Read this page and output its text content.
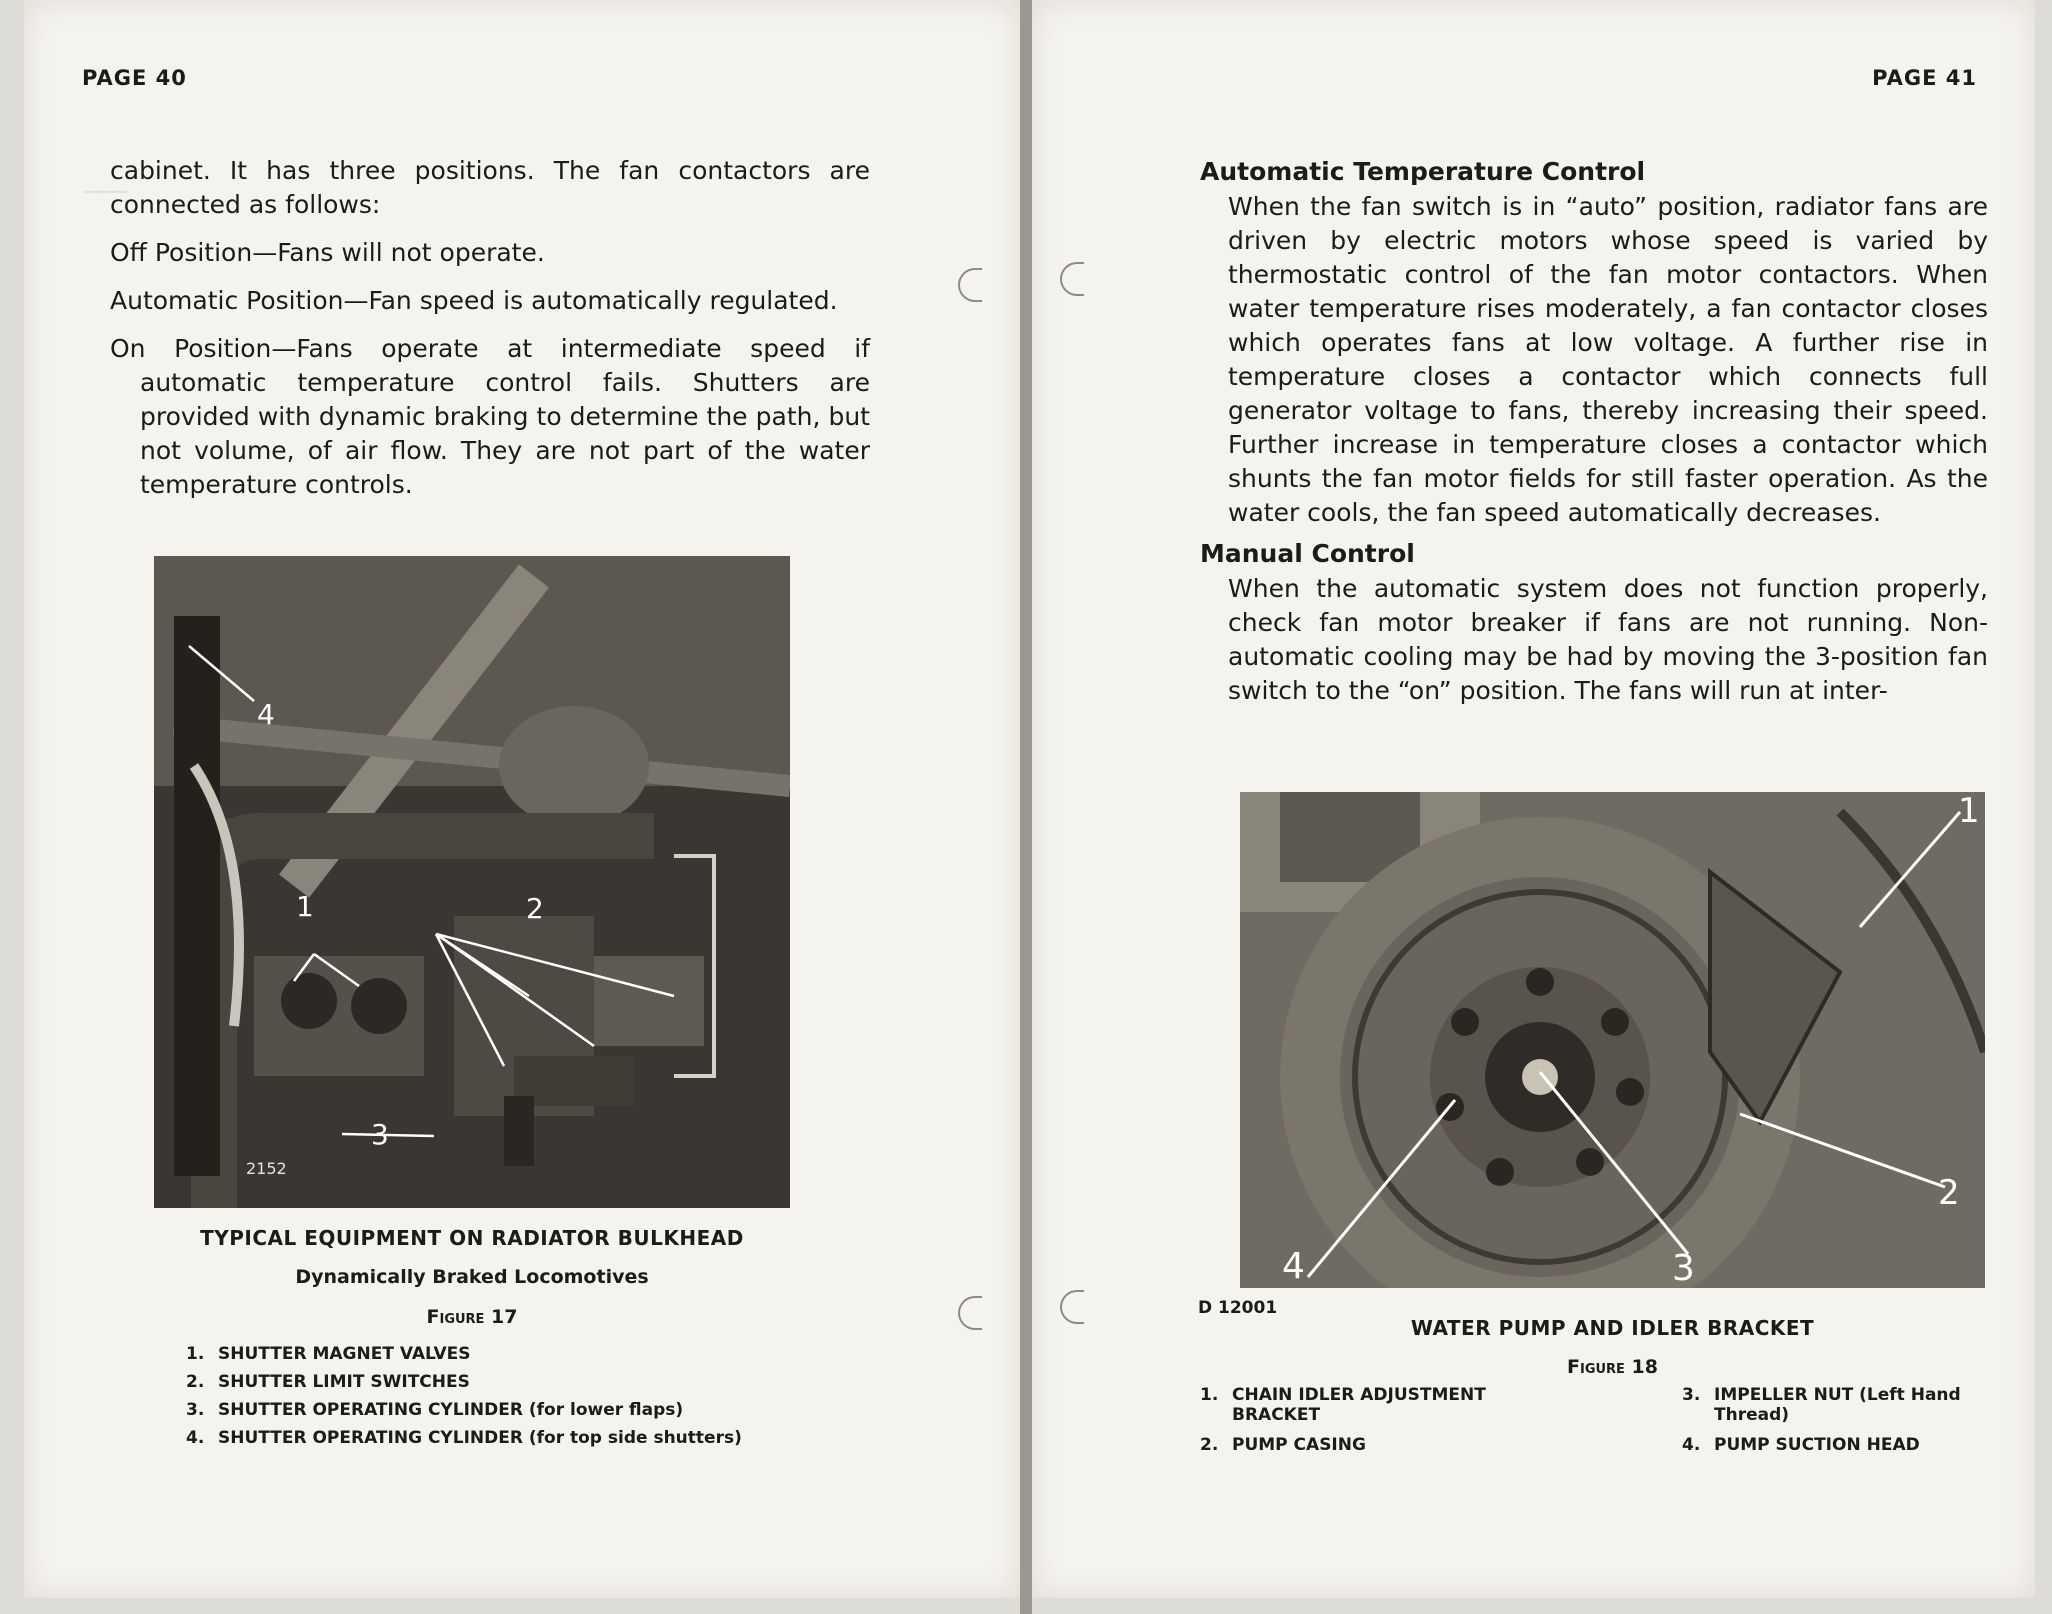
PAGE 40
───

cabinet. It has three positions. The fan contactors are connected as follows:

Off Position—Fans will not operate.

Automatic Position—Fan speed is automatically regulated.

On Position—Fans operate at intermediate speed if automatic temperature control fails. Shutters are provided with dynamic braking to determine the path, but not volume, of air flow. They are not part of the water temperature controls.

4
1	2
3
2152
TYPICAL EQUIPMENT ON RADIATOR BULKHEAD
Dynamically Braked Locomotives
Figure 17
1. SHUTTER MAGNET VALVES
2. SHUTTER LIMIT SWITCHES
3. SHUTTER OPERATING CYLINDER (for lower flaps)
4. SHUTTER OPERATING CYLINDER (for top side shutters)
PAGE 41
Automatic Temperature Control

When the fan switch is in “auto” position, radiator fans are driven by electric motors whose speed is varied by thermostatic control of the fan motor contactors. When water temperature rises moderately, a fan contactor closes which operates fans at low voltage. A further rise in temperature closes a contactor which connects full generator voltage to fans, thereby increasing their speed. Further increase in temperature closes a contactor which shunts the fan motor fields for still faster operation. As the water cools, the fan speed automatically decreases.

Manual Control

When the automatic system does not function properly, check fan motor breaker if fans are not running. Non-automatic cooling may be had by moving the 3-position fan switch to the “on” position. The fans will run at inter-

1
2
3
4
D 12001
WATER PUMP AND IDLER BRACKET
Figure 18
1. CHAIN IDLER ADJUSTMENT BRACKET
2. PUMP CASING
3. IMPELLER NUT (Left Hand Thread)
4. PUMP SUCTION HEAD
